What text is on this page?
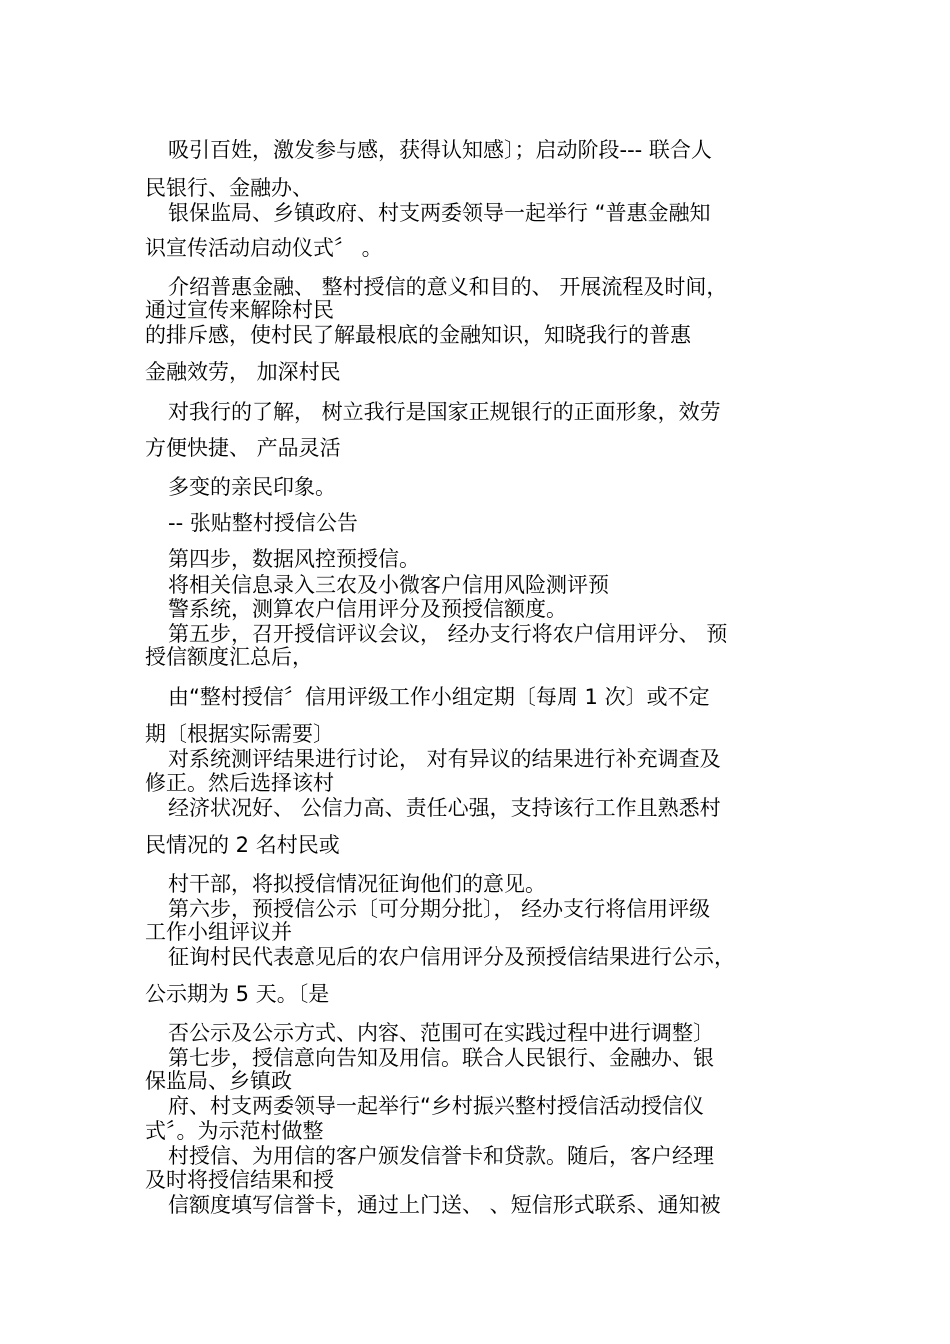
吸引百姓，激发参与感，获得认知感〕；启动阶段--- 联合人
民银行、金融办、
银保监局、乡镇政府、村支两委领导一起举行 “普惠金融知
识宣传活动启动仪式〞 。
介绍普惠金融、 整村授信的意义和目的、 开展流程及时间，
通过宣传来解除村民
的排斥感，使村民了解最根底的金融知识，知晓我行的普惠
金融效劳， 加深村民
对我行的了解， 树立我行是国家正规银行的正面形象，效劳
方便快捷、 产品灵活
多变的亲民印象。
-- 张贴整村授信公告
第四步，数据风控预授信。
将相关信息录入三农及小微客户信用风险测评预
警系统，测算农户信用评分及预授信额度。
第五步，召开授信评议会议， 经办支行将农户信用评分、 预
授信额度汇总后，
由“整村授信〞信用评级工作小组定期〔每周 1 次〕或不定
期〔根据实际需要〕
对系统测评结果进行讨论， 对有异议的结果进行补充调查及
修正。然后选择该村
经济状况好、 公信力高、责任心强，支持该行工作且熟悉村
民情况的 2 名村民或
村干部，将拟授信情况征询他们的意见。
第六步，预授信公示〔可分期分批〕， 经办支行将信用评级
工作小组评议并
征询村民代表意见后的农户信用评分及预授信结果进行公示，
公示期为 5 天。〔是
否公示及公示方式、内容、范围可在实践过程中进行调整〕
第七步，授信意向告知及用信。联合人民银行、金融办、银
保监局、乡镇政
府、村支两委领导一起举行“乡村振兴整村授信活动授信仪
式〞。为示范村做整
村授信、为用信的客户颁发信誉卡和贷款。随后，客户经理
及时将授信结果和授
信额度填写信誉卡，通过上门送、 、短信形式联系、通知被
